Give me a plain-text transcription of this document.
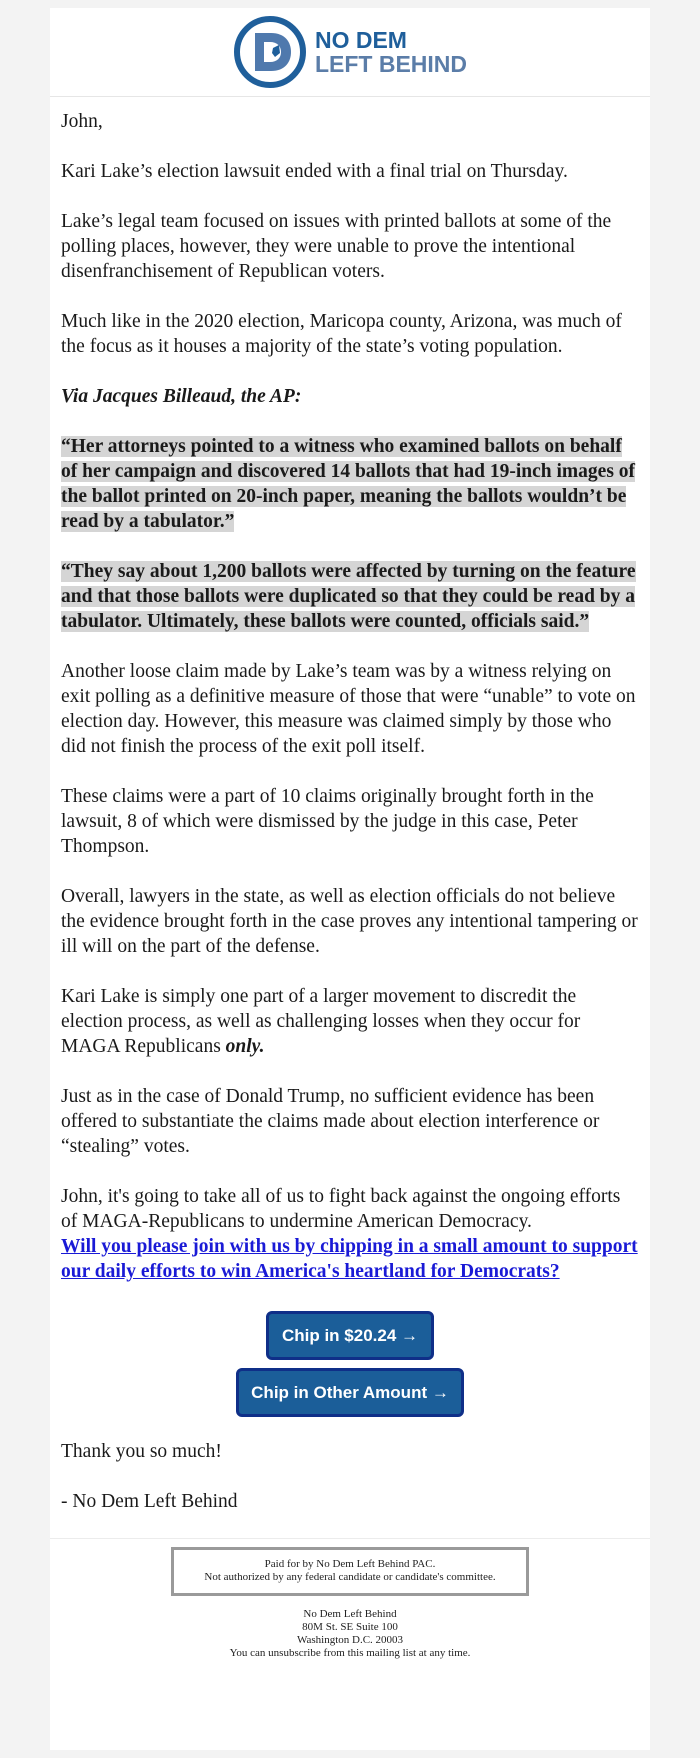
NO DEM
LEFT BEHIND

John,

Kari Lake’s election lawsuit ended with a final trial on Thursday.

Lake’s legal team focused on issues with printed ballots at some of the polling places, however, they were unable to prove the intentional disenfranchisement of Republican voters.

Much like in the 2020 election, Maricopa county, Arizona, was much of the focus as it houses a majority of the state’s voting population.

Via Jacques Billeaud, the AP:

“Her attorneys pointed to a witness who examined ballots on behalf of her campaign and discovered 14 ballots that had 19-inch images of the ballot printed on 20-inch paper, meaning the ballots wouldn’t be read by a tabulator.”

“They say about 1,200 ballots were affected by turning on the feature and that those ballots were duplicated so that they could be read by a tabulator. Ultimately, these ballots were counted, officials said.”

Another loose claim made by Lake’s team was by a witness relying on exit polling as a definitive measure of those that were “unable” to vote on election day. However, this measure was claimed simply by those who did not finish the process of the exit poll itself.

These claims were a part of 10 claims originally brought forth in the lawsuit, 8 of which were dismissed by the judge in this case, Peter Thompson.

Overall, lawyers in the state, as well as election officials do not believe the evidence brought forth in the case proves any intentional tampering or ill will on the part of the defense.

Kari Lake is simply one part of a larger movement to discredit the election process, as well as challenging losses when they occur for MAGA Republicans only.

Just as in the case of Donald Trump, no sufficient evidence has been offered to substantiate the claims made about election interference or “stealing” votes.

John, it's going to take all of us to fight back against the ongoing efforts of MAGA-Republicans to undermine American Democracy.
Will you please join with us by chipping in a small amount to support our daily efforts to win America's heartland for Democrats?

Chip in $20.24 →
Chip in Other Amount →

Thank you so much!

- No Dem Left Behind

Paid for by No Dem Left Behind PAC.
Not authorized by any federal candidate or candidate's committee.
No Dem Left Behind
80M St. SE Suite 100
Washington D.C. 20003
You can unsubscribe from this mailing list at any time.
